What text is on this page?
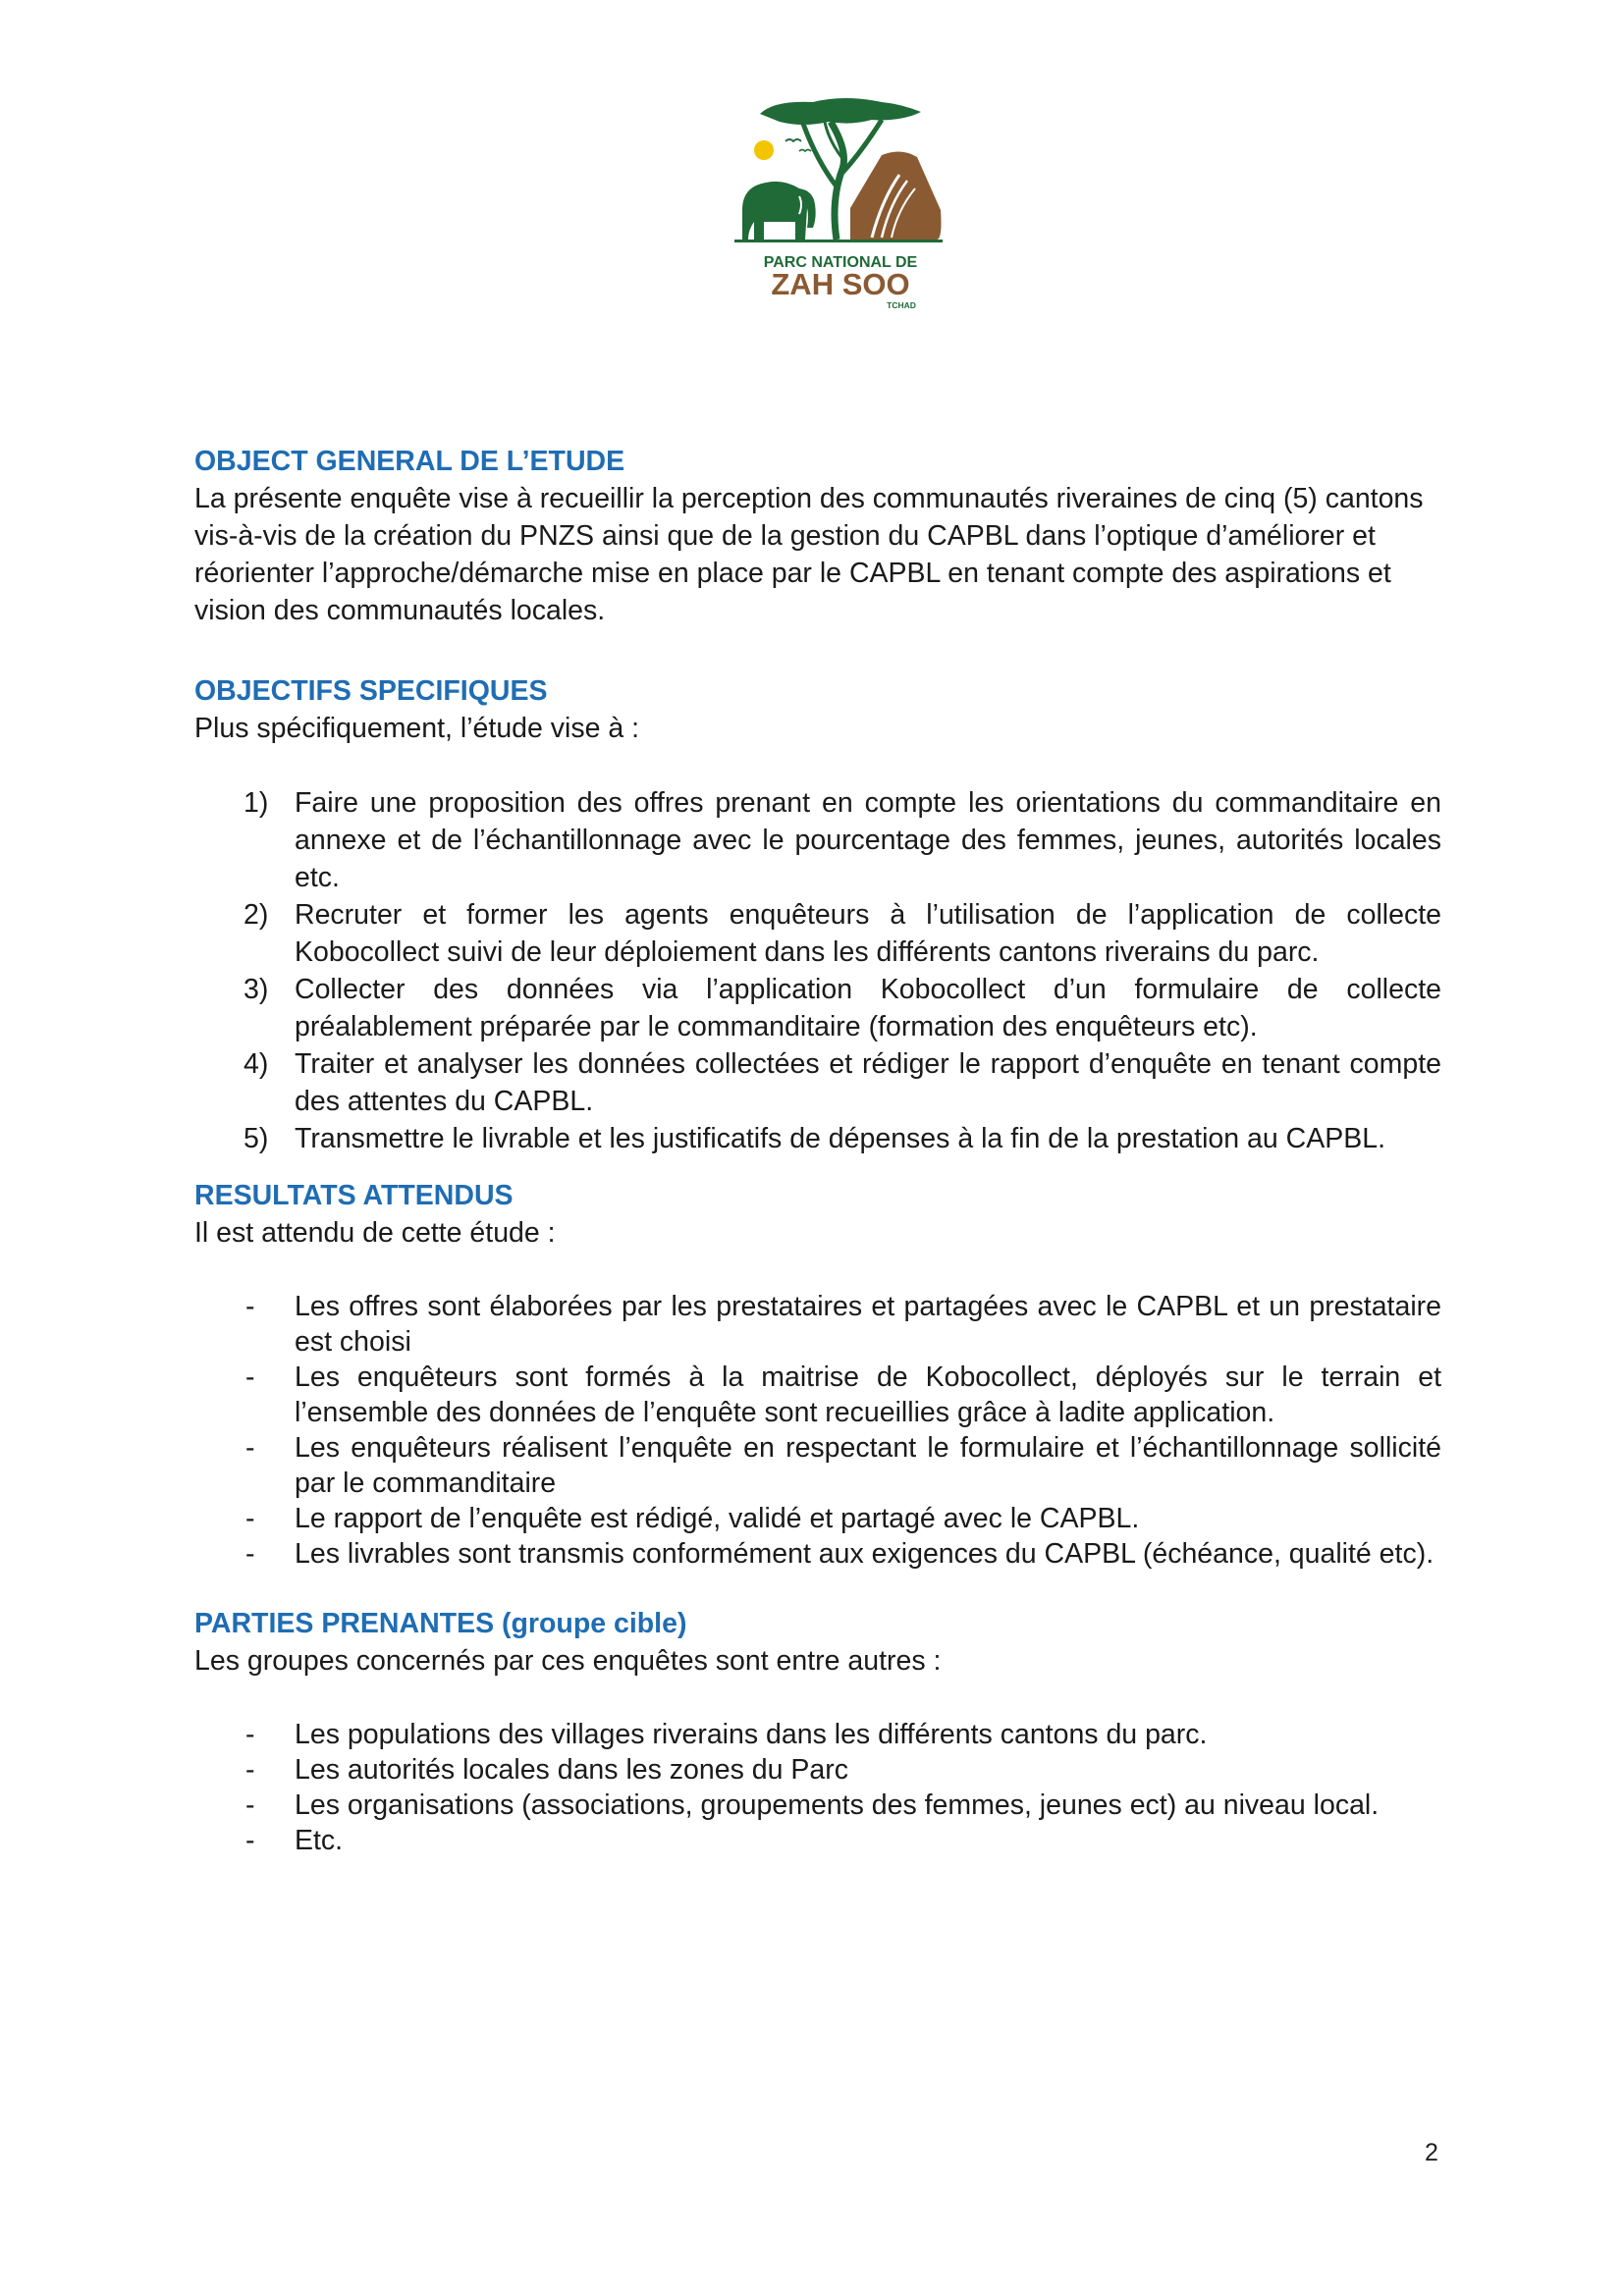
PARC NATIONAL DE
ZAH SOO
TCHAD
OBJECT GENERAL DE L’ETUDE

La présente enquête vise à recueillir la perception des communautés riveraines de cinq (5) cantons vis-à-vis de la création du PNZS ainsi que de la gestion du CAPBL dans l’optique d’améliorer et réorienter l’approche/démarche mise en place par le CAPBL en tenant compte des aspirations et vision des communautés locales.

OBJECTIFS SPECIFIQUES

Plus spécifiquement, l’étude vise à :

1) Faire une proposition des offres prenant en compte les orientations du commanditaire en annexe et de l’échantillonnage avec le pourcentage des femmes, jeunes, autorités locales etc.
2) Recruter et former les agents enquêteurs à l’utilisation de l’application de collecte Kobocollect suivi de leur déploiement dans les différents cantons riverains du parc.
3) Collecter des données via l’application Kobocollect d’un formulaire de collecte préalablement préparée par le commanditaire (formation des enquêteurs etc).
4) Traiter et analyser les données collectées et rédiger le rapport d’enquête en tenant compte des attentes du CAPBL.
5) Transmettre le livrable et les justificatifs de dépenses à la fin de la prestation au CAPBL.
RESULTATS ATTENDUS

Il est attendu de cette étude :

- Les offres sont élaborées par les prestataires et partagées avec le CAPBL et un prestataire est choisi
- Les enquêteurs sont formés à la maitrise de Kobocollect, déployés sur le terrain et l’ensemble des données de l’enquête sont recueillies grâce à ladite application.
- Les enquêteurs réalisent l’enquête en respectant le formulaire et l’échantillonnage sollicité par le commanditaire
- Le rapport de l’enquête est rédigé, validé et partagé avec le CAPBL.
- Les livrables sont transmis conformément aux exigences du CAPBL (échéance, qualité etc).
PARTIES PRENANTES (groupe cible)

Les groupes concernés par ces enquêtes sont entre autres :

- Les populations des villages riverains dans les différents cantons du parc.
- Les autorités locales dans les zones du Parc
- Les organisations (associations, groupements des femmes, jeunes ect) au niveau local.
- Etc.
2
